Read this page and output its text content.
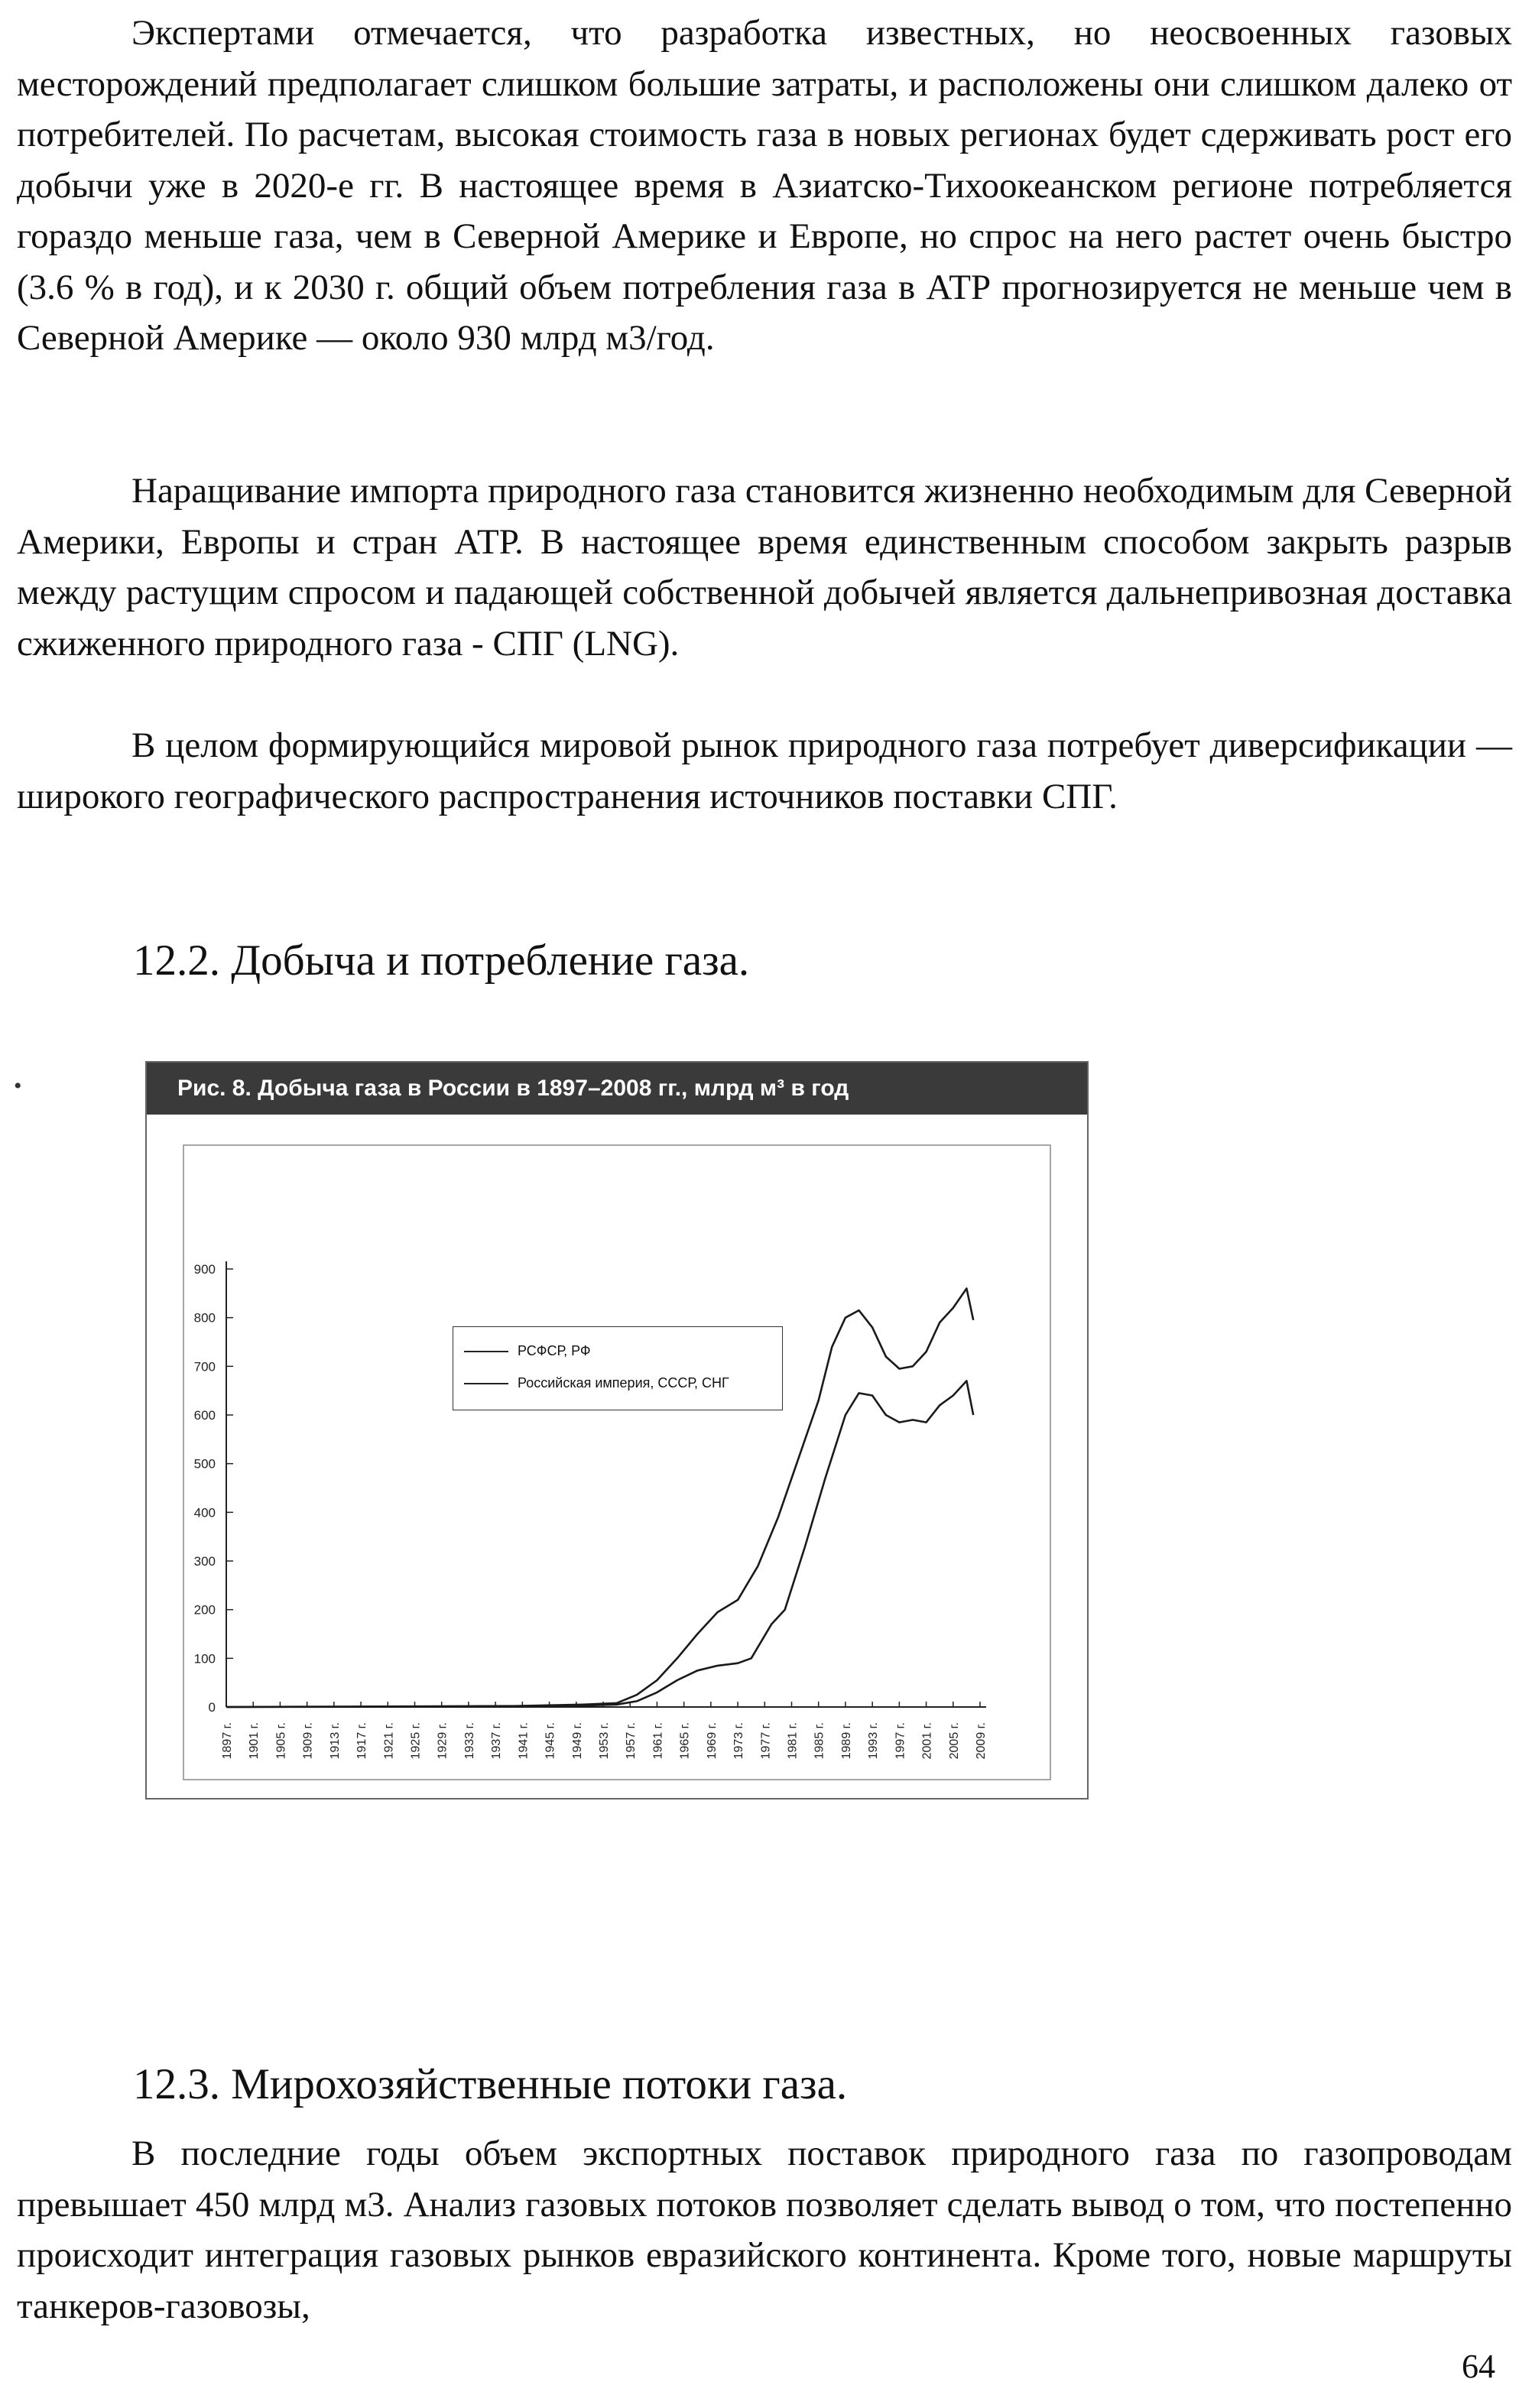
•

Экспертами отмечается, что разработка известных, но неосвоенных газовых месторождений предполагает слишком большие затраты, и расположены они слишком далеко от потребителей. По расчетам, высокая стоимость газа в новых регионах будет сдерживать рост его добычи уже в 2020-е гг. В настоящее время в Азиатско-Тихоокеанском регионе потребляется гораздо меньше газа, чем в Северной Америке и Европе, но спрос на него растет очень быстро (3.6 % в год), и к 2030 г. общий объем потребления газа в АТР прогнозируется не меньше чем в Северной Америке — около 930 млрд м3/год.

Наращивание импорта природного газа становится жизненно необходимым для Северной Америки, Европы и стран АТР. В настоящее время единственным способом закрыть разрыв между растущим спросом и падающей собственной добычей является дальнепривозная доставка сжиженного природного газа - СПГ (LNG).

В целом формирующийся мировой рынок природного газа потребует диверсификации — широкого географического распространения источников поставки СПГ.

12.2. Добыча и потребление газа.
Рис. 8. Добыча газа в России в 1897–2008 гг., млрд м³ в год
0
100
200
300
400
500
600
700
800
900
1897 г. 1901 г. 1905 г. 1909 г. 1913 г. 1917 г. 1921 г. 1925 г. 1929 г. 1933 г. 1937 г. 1941 г. 1945 г. 1949 г. 1953 г. 1957 г. 1961 г. 1965 г. 1969 г. 1973 г. 1977 г. 1981 г. 1985 г. 1989 г. 1993 г. 1997 г. 2001 г. 2005 г. 2009 г.
РСФСР, РФ
Российская империя, СССР, СНГ
12.3. Мирохозяйственные потоки газа.

В последние годы объем экспортных поставок природного газа по газопроводам превышает 450 млрд м3. Анализ газовых потоков позволяет сделать вывод о том, что постепенно происходит интеграция газовых рынков евразийского континента. Кроме того, новые маршруты танкеров-газовозы,

64
